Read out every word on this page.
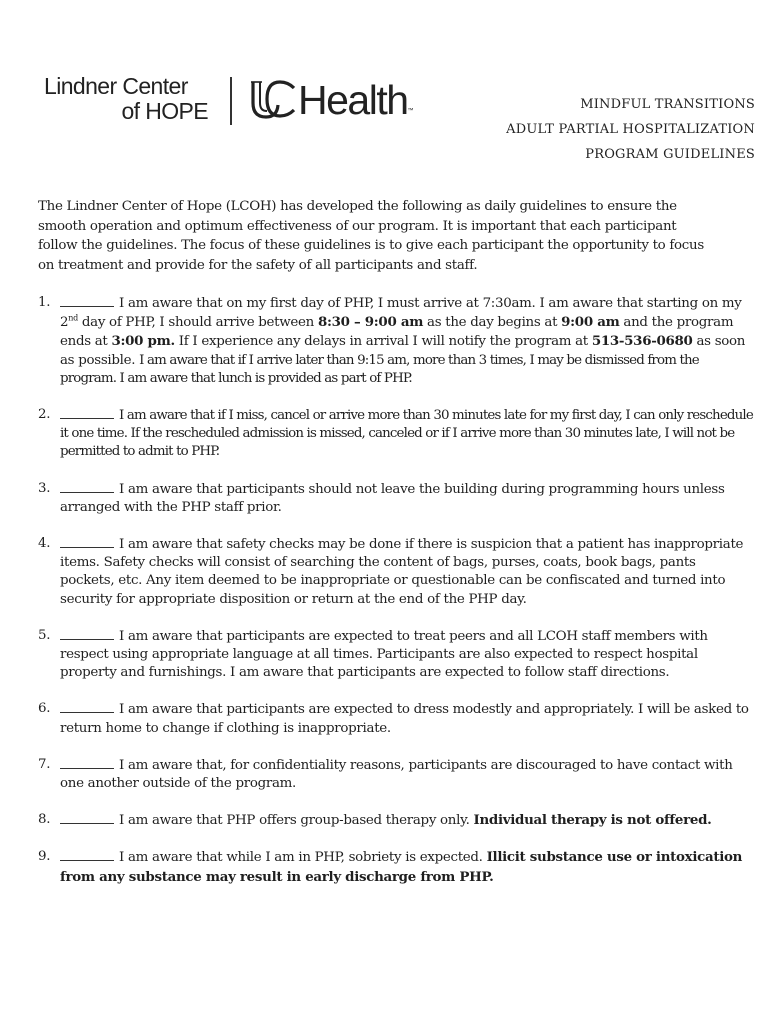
Lindner Center
of HOPE Health ™	MINDFUL TRANSITIONS
ADULT PARTIAL HOSPITALIZATION
PROGRAM GUIDELINES
The Lindner Center of Hope (LCOH) has developed the following as daily guidelines to ensure the smooth operation and optimum effectiveness of our program. It is important that each participant follow the guidelines. The focus of these guidelines is to give each participant the opportunity to focus on treatment and provide for the safety of all participants and staff.
1.	I am aware that on my first day of PHP, I must arrive at 7:30am. I am aware that starting on my 2nd day of PHP, I should arrive between 8:30 – 9:00 am as the day begins at 9:00 am and the program ends at 3:00 pm. If I experience any delays in arrival I will notify the program at 513-536-0680 as soon as possible. I am aware that if I arrive later than 9:15 am, more than 3 times, I may be dismissed from the program. I am aware that lunch is provided as part of PHP.
2.	I am aware that if I miss, cancel or arrive more than 30 minutes late for my first day, I can only reschedule it one time. If the rescheduled admission is missed, canceled or if I arrive more than 30 minutes late, I will not be permitted to admit to PHP.
3.	I am aware that participants should not leave the building during programming hours unless arranged with the PHP staff prior.
4.	I am aware that safety checks may be done if there is suspicion that a patient has inappropriate items. Safety checks will consist of searching the content of bags, purses, coats, book bags, pants pockets, etc. Any item deemed to be inappropriate or questionable can be confiscated and turned into security for appropriate disposition or return at the end of the PHP day.
5.	I am aware that participants are expected to treat peers and all LCOH staff members with respect using appropriate language at all times. Participants are also expected to respect hospital property and furnishings. I am aware that participants are expected to follow staff directions.
6.	I am aware that participants are expected to dress modestly and appropriately. I will be asked to return home to change if clothing is inappropriate.
7.	I am aware that, for confidentiality reasons, participants are discouraged to have contact with one another outside of the program.
8.	I am aware that PHP offers group-based therapy only. Individual therapy is not offered.
9.	I am aware that while I am in PHP, sobriety is expected. Illicit substance use or intoxication from any substance may result in early discharge from PHP.
